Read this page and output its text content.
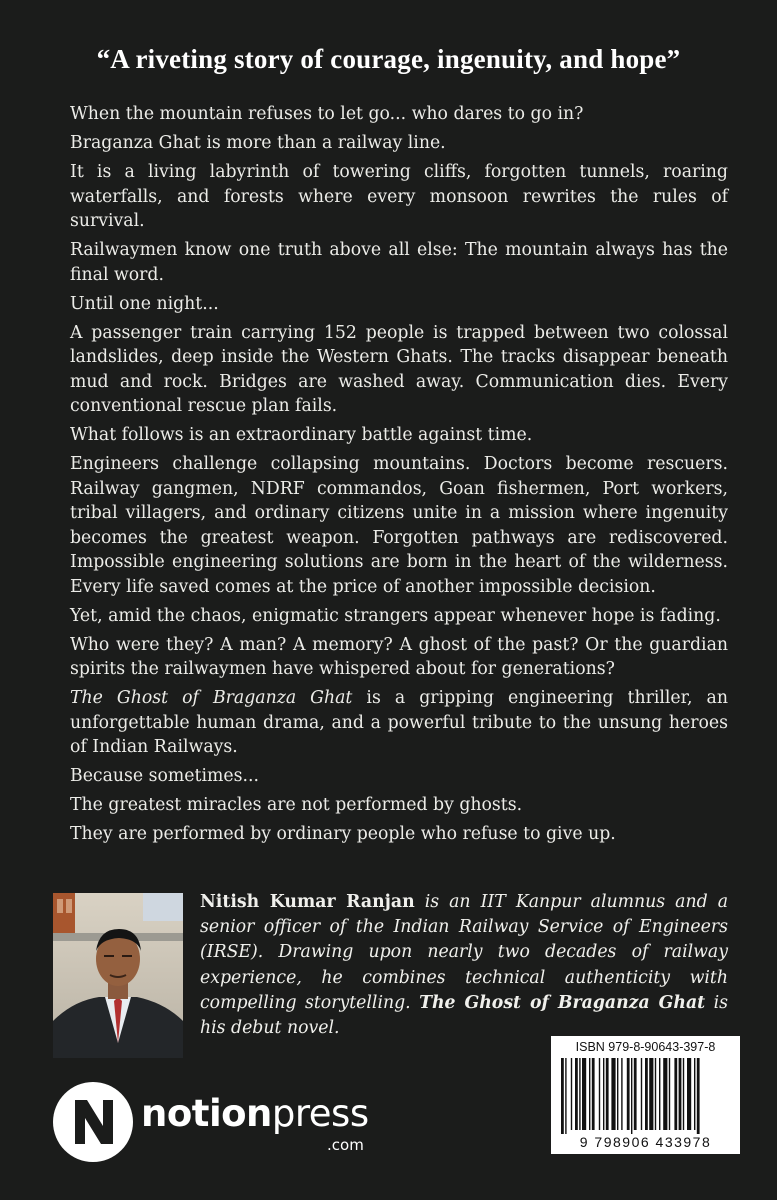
“A riveting story of courage, ingenuity, and hope”

When the mountain refuses to let go... who dares to go in?

Braganza Ghat is more than a railway line.

It is a living labyrinth of towering cliffs, forgotten tunnels, roaring waterfalls, and forests where every monsoon rewrites the rules of survival.

Railwaymen know one truth above all else: The mountain always has the final word.

Until one night...

A passenger train carrying 152 people is trapped between two colossal landslides, deep inside the Western Ghats. The tracks disappear beneath mud and rock. Bridges are washed away. Communication dies. Every conventional rescue plan fails.

What follows is an extraordinary battle against time.

Engineers challenge collapsing mountains. Doctors become rescuers. Railway gangmen, NDRF commandos, Goan fishermen, Port workers, tribal villagers, and ordinary citizens unite in a mission where ingenuity becomes the greatest weapon. Forgotten pathways are rediscovered. Impossible engineering solutions are born in the heart of the wilderness. Every life saved comes at the price of another impossible decision.

Yet, amid the chaos, enigmatic strangers appear whenever hope is fading.

Who were they? A man? A memory? A ghost of the past? Or the guardian spirits the railwaymen have whispered about for generations?

The Ghost of Braganza Ghat is a gripping engineering thriller, an unforgettable human drama, and a powerful tribute to the unsung heroes of Indian Railways.

Because sometimes...

The greatest miracles are not performed by ghosts.

They are performed by ordinary people who refuse to give up.

Nitish Kumar Ranjan is an IIT Kanpur alumnus and a senior officer of the Indian Railway Service of Engineers (IRSE). Drawing upon nearly two decades of railway experience, he combines technical authenticity with compelling storytelling. The Ghost of Braganza Ghat is his debut novel.
notionpress
.com
ISBN 979-8-90643-397-8
9 798906 433978
